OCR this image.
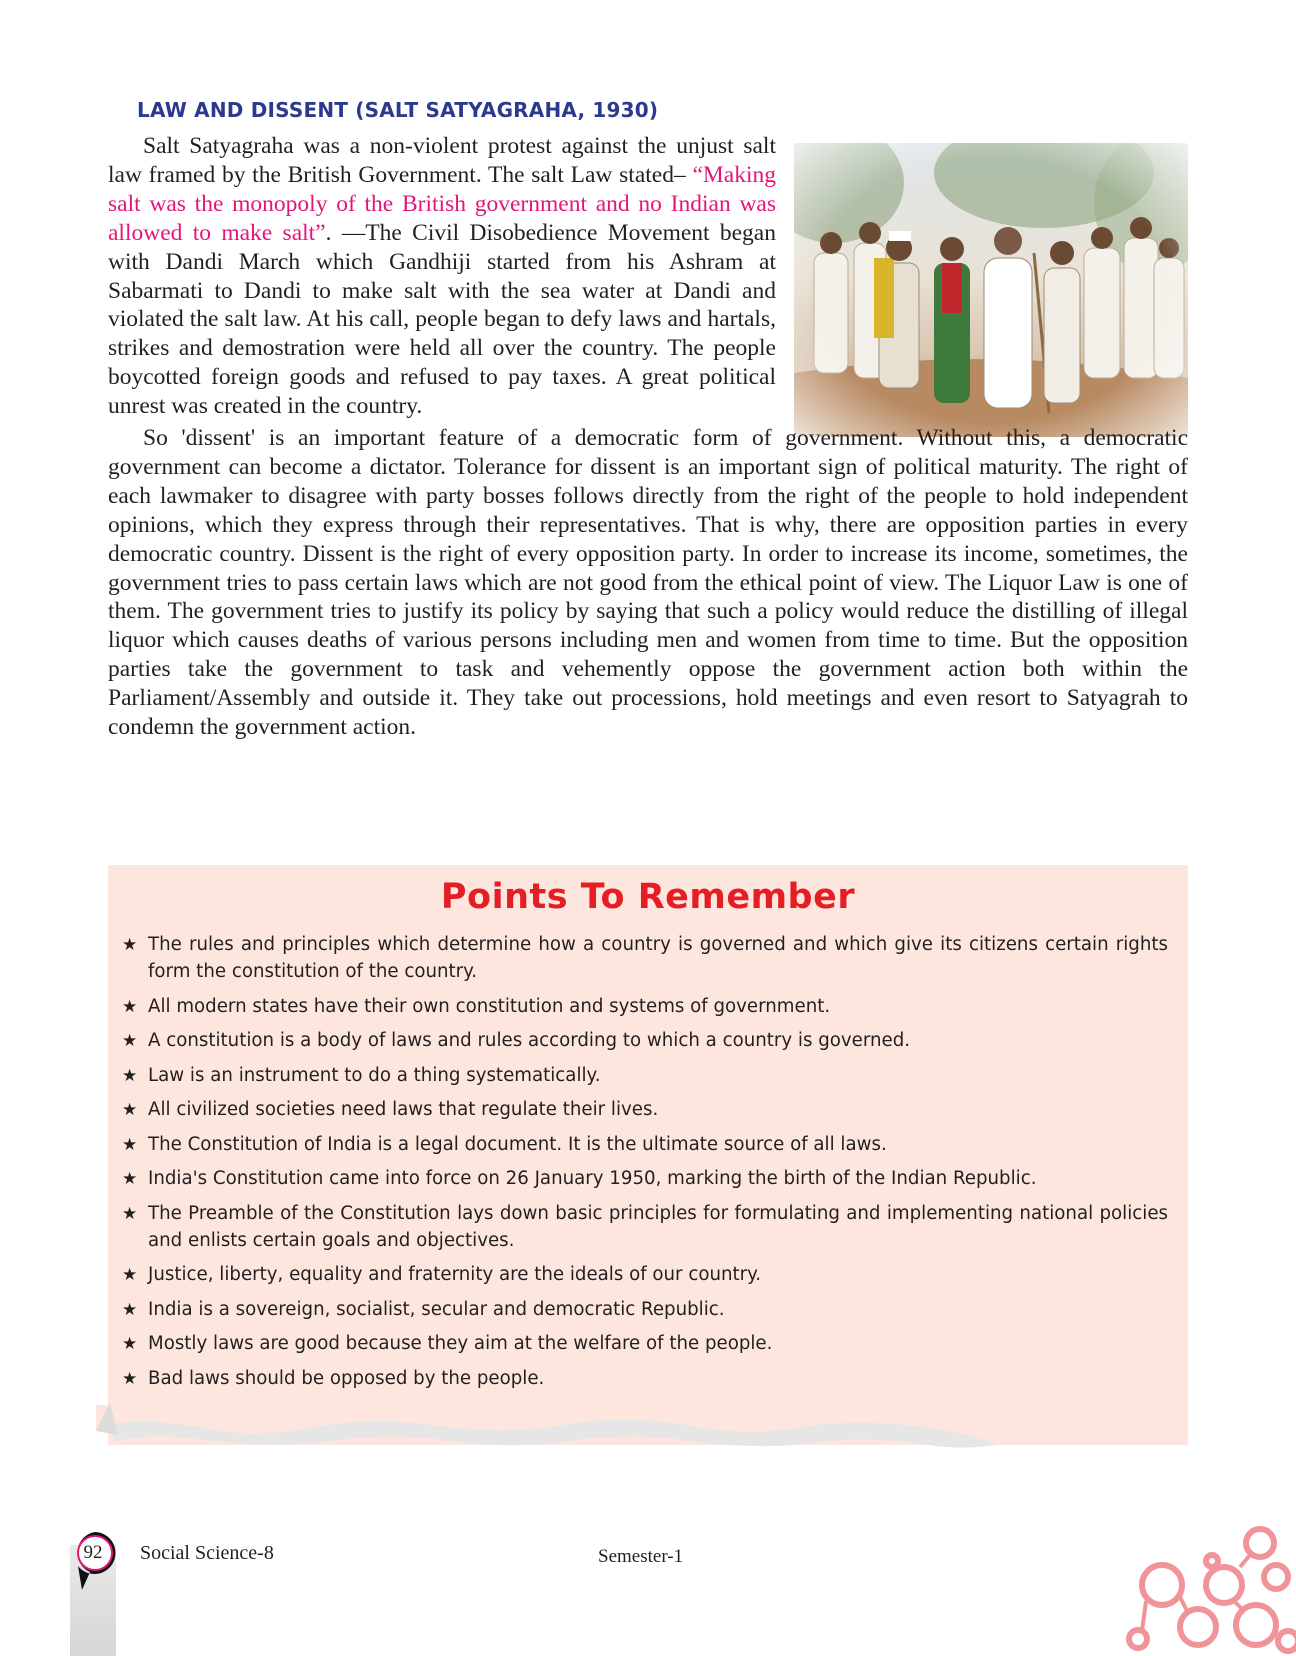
LAW AND DISSENT (SALT SATYAGRAHA, 1930)

Salt Satyagraha was a non-violent protest against the unjust salt law framed by the British Government. The salt Law stated– “Making salt was the monopoly of the British government and no Indian was allowed to make salt”. —The Civil Disobedience Movement began with Dandi March which Gandhiji started from his Ashram at Sabarmati to Dandi to make salt with the sea water at Dandi and violated the salt law. At his call, people began to defy laws and hartals, strikes and demostration were held all over the country. The people boycotted foreign goods and refused to pay taxes. A great political unrest was created in the country.

So 'dissent' is an important feature of a democratic form of government. Without this, a democratic government can become a dictator. Tolerance for dissent is an important sign of political maturity. The right of each lawmaker to disagree with party bosses follows directly from the right of the people to hold independent opinions, which they express through their representatives. That is why, there are opposition parties in every democratic country. Dissent is the right of every opposition party. In order to increase its income, sometimes, the government tries to pass certain laws which are not good from the ethical point of view. The Liquor Law is one of them. The government tries to justify its policy by saying that such a policy would reduce the distilling of illegal liquor which causes deaths of various persons including men and women from time to time. But the opposition parties take the government to task and vehemently oppose the government action both within the Parliament/Assembly and outside it. They take out processions, hold meetings and even resort to Satyagrah to condemn the government action.

Points To Remember
★ The rules and principles which determine how a country is governed and which give its citizens certain rights form the constitution of the country.
★ All modern states have their own constitution and systems of government.
★ A constitution is a body of laws and rules according to which a country is governed.
★ Law is an instrument to do a thing systematically.
★ All civilized societies need laws that regulate their lives.
★ The Constitution of India is a legal document. It is the ultimate source of all laws.
★ India's Constitution came into force on 26 January 1950, marking the birth of the Indian Republic.
★ The Preamble of the Constitution lays down basic principles for formulating and implementing national policies and enlists certain goals and objectives.
★ Justice, liberty, equality and fraternity are the ideals of our country.
★ India is a sovereign, socialist, secular and democratic Republic.
★ Mostly laws are good because they aim at the welfare of the people.
★ Bad laws should be opposed by the people.
92	Social Science-8	Semester-1
